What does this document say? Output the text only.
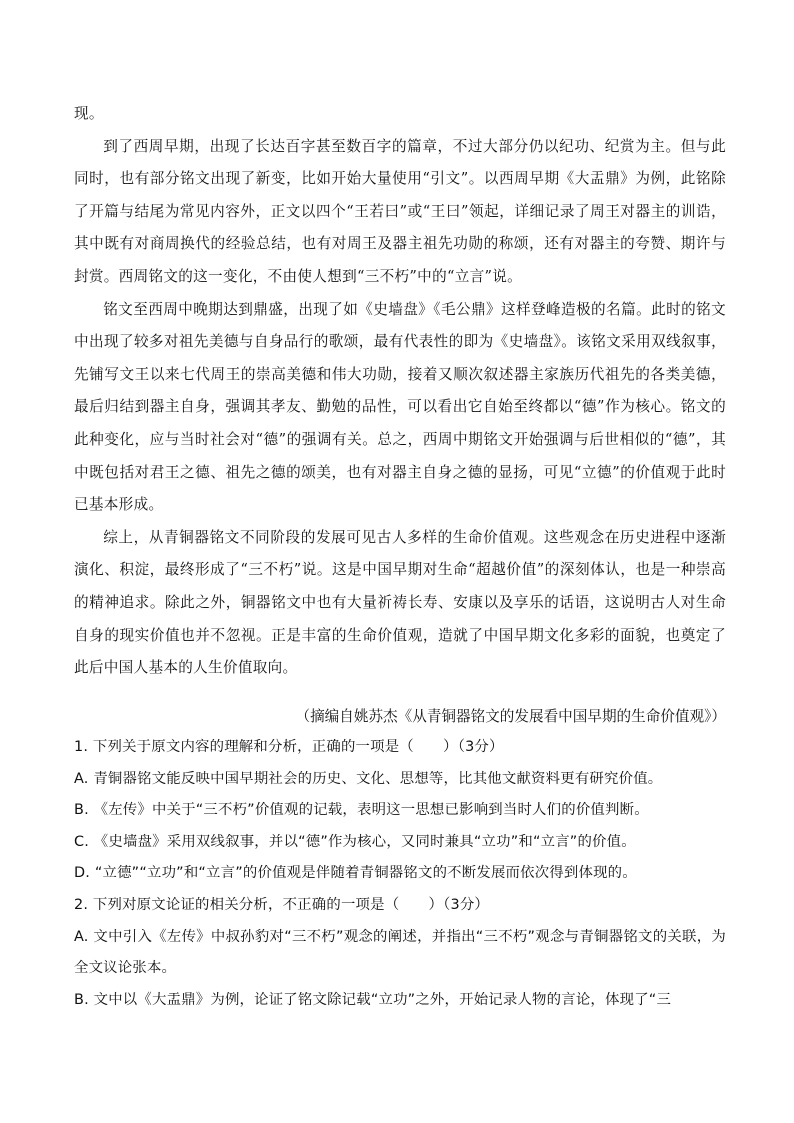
现。

到了西周早期，出现了长达百字甚至数百字的篇章，不过大部分仍以纪功、纪赏为主。但与此同时，也有部分铭文出现了新变，比如开始大量使用“引文”。以西周早期《大盂鼎》为例，此铭除了开篇与结尾为常见内容外，正文以四个“王若曰”或“王曰”领起，详细记录了周王对器主的训诰，其中既有对商周换代的经验总结，也有对周王及器主祖先功勋的称颂，还有对器主的夸赞、期许与封赏。西周铭文的这一变化，不由使人想到“三不朽”中的“立言”说。

铭文至西周中晚期达到鼎盛，出现了如《史墙盘》《毛公鼎》这样登峰造极的名篇。此时的铭文中出现了较多对祖先美德与自身品行的歌颂，最有代表性的即为《史墙盘》。该铭文采用双线叙事，先铺写文王以来七代周王的崇高美德和伟大功勋，接着又顺次叙述器主家族历代祖先的各类美德，最后归结到器主自身，强调其孝友、勤勉的品性，可以看出它自始至终都以“德”作为核心。铭文的此种变化，应与当时社会对“德”的强调有关。总之，西周中期铭文开始强调与后世相似的“德”，其中既包括对君王之德、祖先之德的颂美，也有对器主自身之德的显扬，可见“立德”的价值观于此时已基本形成。

综上，从青铜器铭文不同阶段的发展可见古人多样的生命价值观。这些观念在历史进程中逐渐演化、积淀，最终形成了“三不朽”说。这是中国早期对生命“超越价值”的深刻体认，也是一种崇高的精神追求。除此之外，铜器铭文中也有大量祈祷长寿、安康以及享乐的话语，这说明古人对生命自身的现实价值也并不忽视。正是丰富的生命价值观，造就了中国早期文化多彩的面貌，也奠定了此后中国人基本的人生价值取向。

（摘编自姚苏杰《从青铜器铭文的发展看中国早期的生命价值观》）

1. 下列关于原文内容的理解和分析，正确的一项是（　　）（3分）

A. 青铜器铭文能反映中国早期社会的历史、文化、思想等，比其他文献资料更有研究价值。

B. 《左传》中关于“三不朽”价值观的记载，表明这一思想已影响到当时人们的价值判断。

C. 《史墙盘》采用双线叙事，并以“德”作为核心，又同时兼具“立功”和“立言”的价值。

D. “立德”“立功”和“立言”的价值观是伴随着青铜器铭文的不断发展而依次得到体现的。

2. 下列对原文论证的相关分析，不正确的一项是（　　）（3分）

A. 文中引入《左传》中叔孙豹对“三不朽”观念的阐述，并指出“三不朽”观念与青铜器铭文的关联，为全文议论张本。

B. 文中以《大盂鼎》为例，论证了铭文除记载“立功”之外，开始记录人物的言论，体现了“三
